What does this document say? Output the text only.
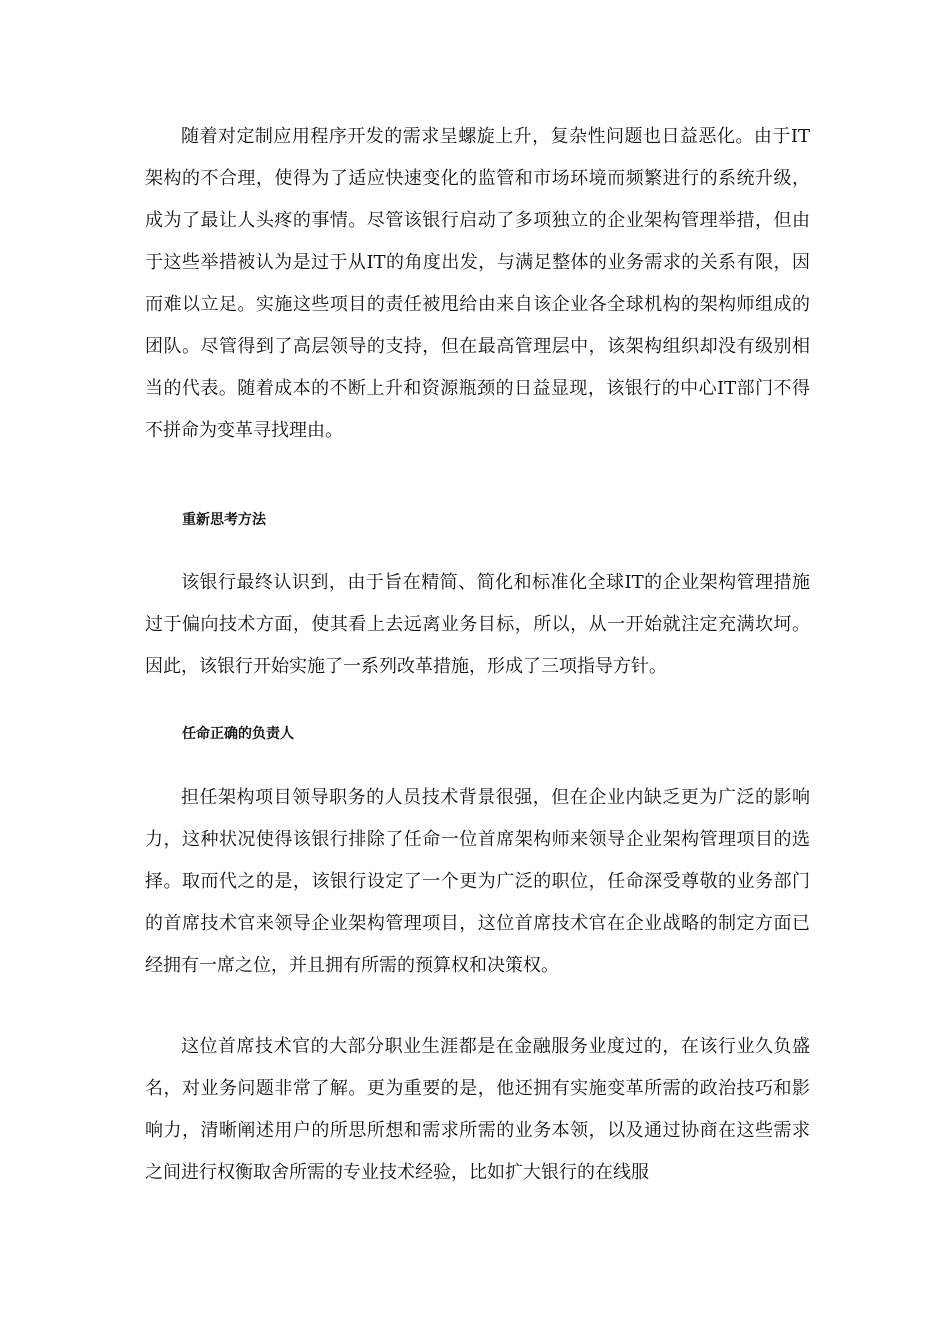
随着对定制应用程序开发的需求呈螺旋上升，复杂性问题也日益恶化。由于IT架构的不合理，使得为了适应快速变化的监管和市场环境而频繁进行的系统升级，成为了最让人头疼的事情。尽管该银行启动了多项独立的企业架构管理举措，但由于这些举措被认为是过于从IT的角度出发，与满足整体的业务需求的关系有限，因而难以立足。实施这些项目的责任被甩给由来自该企业各全球机构的架构师组成的团队。尽管得到了高层领导的支持，但在最高管理层中，该架构组织却没有级别相当的代表。随着成本的不断上升和资源瓶颈的日益显现，该银行的中心IT部门不得不拼命为变革寻找理由。

重新思考方法

该银行最终认识到，由于旨在精简、简化和标准化全球IT的企业架构管理措施过于偏向技术方面，使其看上去远离业务目标，所以，从一开始就注定充满坎坷。因此，该银行开始实施了一系列改革措施，形成了三项指导方针。

任命正确的负责人

担任架构项目领导职务的人员技术背景很强，但在企业内缺乏更为广泛的影响力，这种状况使得该银行排除了任命一位首席架构师来领导企业架构管理项目的选择。取而代之的是，该银行设定了一个更为广泛的职位，任命深受尊敬的业务部门的首席技术官来领导企业架构管理项目，这位首席技术官在企业战略的制定方面已经拥有一席之位，并且拥有所需的预算权和决策权。

这位首席技术官的大部分职业生涯都是在金融服务业度过的，在该行业久负盛名，对业务问题非常了解。更为重要的是，他还拥有实施变革所需的政治技巧和影响力，清晰阐述用户的所思所想和需求所需的业务本领，以及通过协商在这些需求之间进行权衡取舍所需的专业技术经验，比如扩大银行的在线服
